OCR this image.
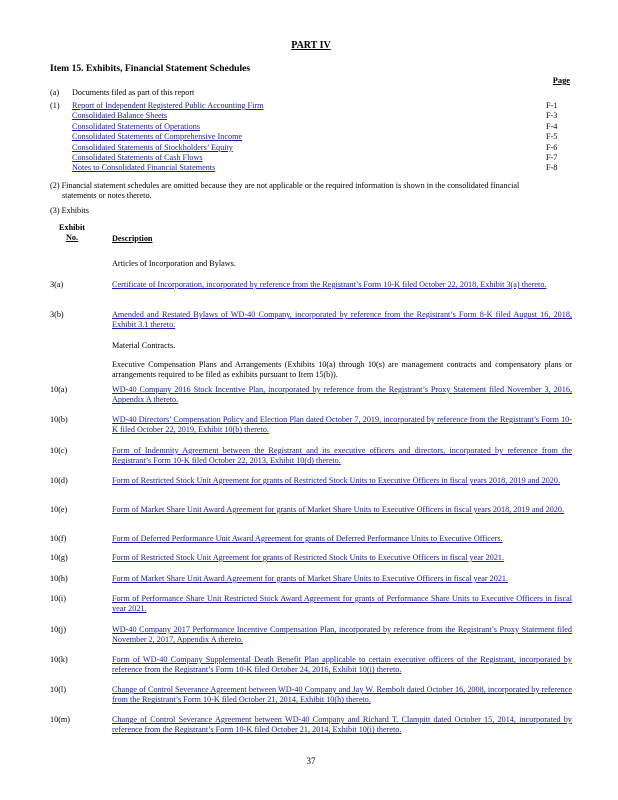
PART IV
Item 15. Exhibits, Financial Statement Schedules
Page
(a) Documents filed as part of this report
(1) Report of Independent Registered Public Accounting Firm	F-1
Consolidated Balance Sheets	F-3
Consolidated Statements of Operations	F-4
Consolidated Statements of Comprehensive Income	F-5
Consolidated Statements of Stockholders’ Equity	F-6
Consolidated Statements of Cash Flows	F-7
Notes to Consolidated Financial Statements	F-8
(2) Financial statement schedules are omitted because they are not applicable or the required information is shown in the consolidated financial
statements or notes thereto.
(3) Exhibits
Exhibit
No.	Description
Articles of Incorporation and Bylaws.
3(a)	Certificate of Incorporation, incorporated by reference from the Registrant’s Form 10-K filed October 22, 2018, Exhibit 3(a) thereto.
3(b)	Amended and Restated Bylaws of WD-40 Company, incorporated by reference from the Registrant’s Form 8-K filed August 16, 2018, Exhibit 3.1 thereto.
Material Contracts.
Executive Compensation Plans and Arrangements (Exhibits 10(a) through 10(s) are management contracts and compensatory plans or arrangements required to be filed as exhibits pursuant to Item 15(b)).
10(a)	WD-40 Company 2016 Stock Incentive Plan, incorporated by reference from the Registrant’s Proxy Statement filed November 3, 2016, Appendix A thereto.
10(b)	WD-40 Directors’ Compensation Policy and Election Plan dated October 7, 2019, incorporated by reference from the Registrant’s Form 10-K filed October 22, 2019, Exhibit 10(b) thereto.
10(c)	Form of Indemnity Agreement between the Registrant and its executive officers and directors, incorporated by reference from the Registrant’s Form 10-K filed October 22, 2013, Exhibit 10(d) thereto.
10(d)	Form of Restricted Stock Unit Agreement for grants of Restricted Stock Units to Executive Officers in fiscal years 2018, 2019 and 2020.
10(e)	Form of Market Share Unit Award Agreement for grants of Market Share Units to Executive Officers in fiscal years 2018, 2019 and 2020.
10(f)	Form of Deferred Performance Unit Award Agreement for grants of Deferred Performance Units to Executive Officers.
10(g)	Form of Restricted Stock Unit Agreement for grants of Restricted Stock Units to Executive Officers in fiscal year 2021.
10(h)	Form of Market Share Unit Award Agreement for grants of Market Share Units to Executive Officers in fiscal year 2021.
10(i)	Form of Performance Share Unit Restricted Stock Award Agreement for grants of Performance Share Units to Executive Officers in fiscal year 2021.
10(j)	WD-40 Company 2017 Performance Incentive Compensation Plan, incorporated by reference from the Registrant’s Proxy Statement filed November 2, 2017, Appendix A thereto.
10(k)	Form of WD-40 Company Supplemental Death Benefit Plan applicable to certain executive officers of the Registrant, incorporated by reference from the Registrant’s Form 10-K filed October 24, 2016, Exhibit 10(i) thereto.
10(l)	Change of Control Severance Agreement between WD-40 Company and Jay W. Rembolt dated October 16, 2008, incorporated by reference from the Registrant’s Form 10-K filed October 21, 2014, Exhibit 10(h) thereto.
10(m)	Change of Control Severance Agreement between WD-40 Company and Richard T. Clampitt dated October 15, 2014, incorporated by reference from the Registrant’s Form 10-K filed October 21, 2014, Exhibit 10(i) thereto.
37
